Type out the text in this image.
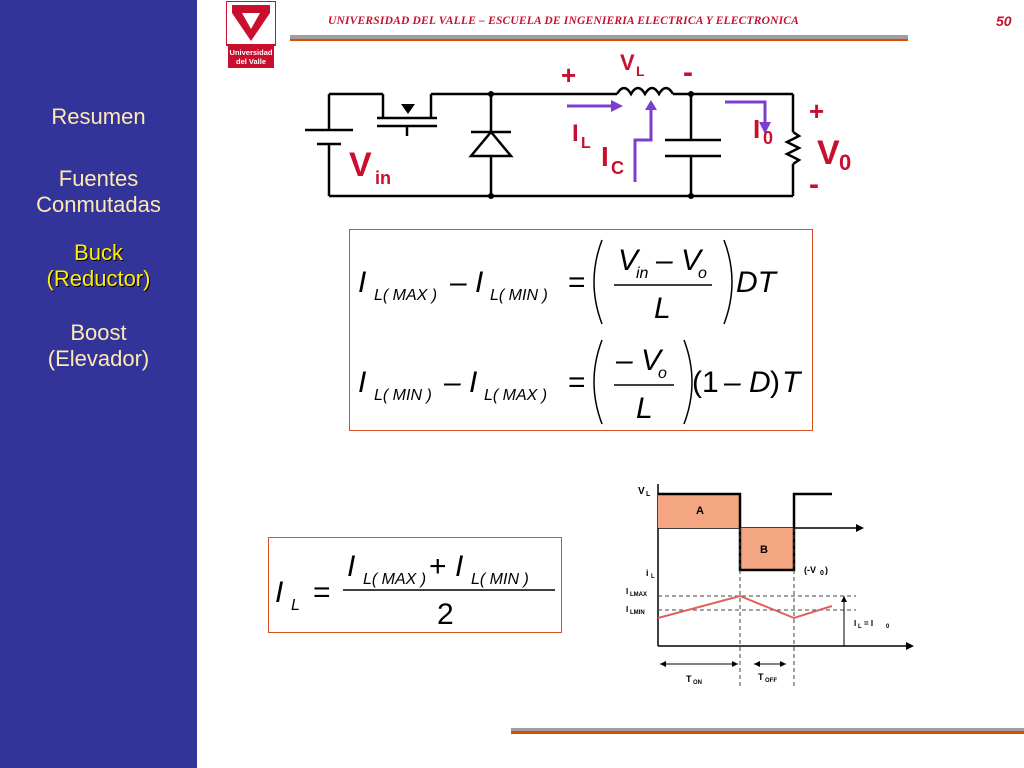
Resumen
Fuentes Conmutadas
Buck (Reductor)
Boost (Elevador)
Universidad
del Valle
UNIVERSIDAD DEL VALLE – ESCUELA DE INGENIERIA ELECTRICA Y ELECTRONICA	50
V L
+	-
I L I C
I 0
+
V 0
-
V in
I L( MAX ) – I L( MIN ) =
V
in – V
o
L
DT
I L( MIN ) – I L( MAX ) =
– V
o
L
(1 – D ) T
I L =
I L( MAX ) + I L( MIN )
2
V L
A
B
(-V 0 )
i L
I LMAX
I LMIN
I L = I 0
T ON
T OFF
